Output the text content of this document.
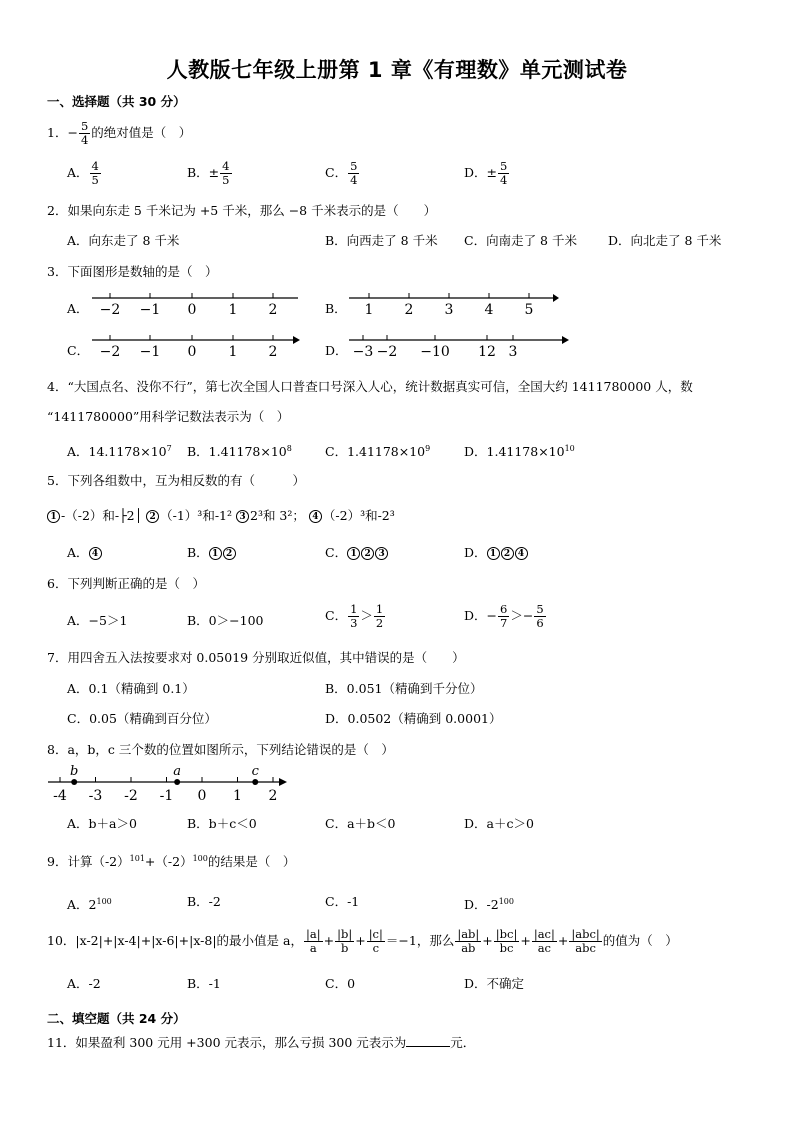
人教版七年级上册第 1 章《有理数》单元测试卷
一、选择题（共 30 分）
1．− $\frac{5}{4}$ 的绝对值是（　）
A． $\frac{4}{5}$	B．± $\frac{4}{5}$	C． $\frac{5}{4}$	D．± $\frac{5}{4}$
2．如果向东走 5 千米记为 +5 千米，那么 −8 千米表示的是（　　）
A．向东走了 8 千米	B．向西走了 8 千米 C．向南走了 8 千米 D．向北走了 8 千米
3．下面图形是数轴的是（　）
A． −2 −1 0 1 2	B． 1 2 3 4 5
C． −2 −1 0 1 2	D． −3 −2 −10 12 3
4．“大国点名、没你不行”，第七次全国人口普查口号深入人心，统计数据真实可信，全国大约 1411780000 人，数
“1411780000”用科学记数法表示为（　）
A．$14.1178\times 10^7$ B．$1.41178\times 10^8$	C．$1.41178\times 10^9$	D．$1.41178\times 10^{10}$
5．下列各组数中，互为相反数的有（　　　）
1 -（-2）和-├2│ 2 （-1）³和-1² 3 2³和 3²； 4 （-2）³和-2³
A． 4	B． 1 2	C． 1 2 3	D． 1 2 4
6．下列判断正确的是（　）
A．−5＞1	B．0＞−100	C． $\frac{1}{3} > \frac{1}{2}$	D．− $\frac{6}{7} >- \frac{5}{6}$
7．用四舍五入法按要求对 0.05019 分别取近似值，其中错误的是（　　）
A．0.1（精确到 0.1）	B．0.051（精确到千分位）
C．0.05（精确到百分位）	D．0.0502（精确到 0.0001）
8．a，b，c 三个数的位置如图所示，下列结论错误的是（　）
-4 -3 -2 -1 0 1 2
b	a	c
A．b＋a＞0	B．b＋c＜0	C．a＋b＜0	D．a＋c＞0
9．计算$(-2)^{101}+(-2)^{100}$的结果是（　）
A．$2^{100}$	B．-2	C．-1	D．$-2^{100}$
10．|x-2|+|x-4|+|x-6|+|x-8|的最小值是 a， $\frac{|a|}{a} + \frac{|b|}{b} + \frac{|c|}{c} =-1$，那么 $\frac{|ab|}{ab} + \frac{|bc|}{bc} + \frac{|ac|}{ac} + \frac{\text{|abc|}}{\text{abc}}$ 的值为（　）
A．-2	B．-1	C．0	D．不确定
二、填空题（共 24 分）
11．如果盈利 300 元用 +300 元表示，那么亏损 300 元表示为	元．
